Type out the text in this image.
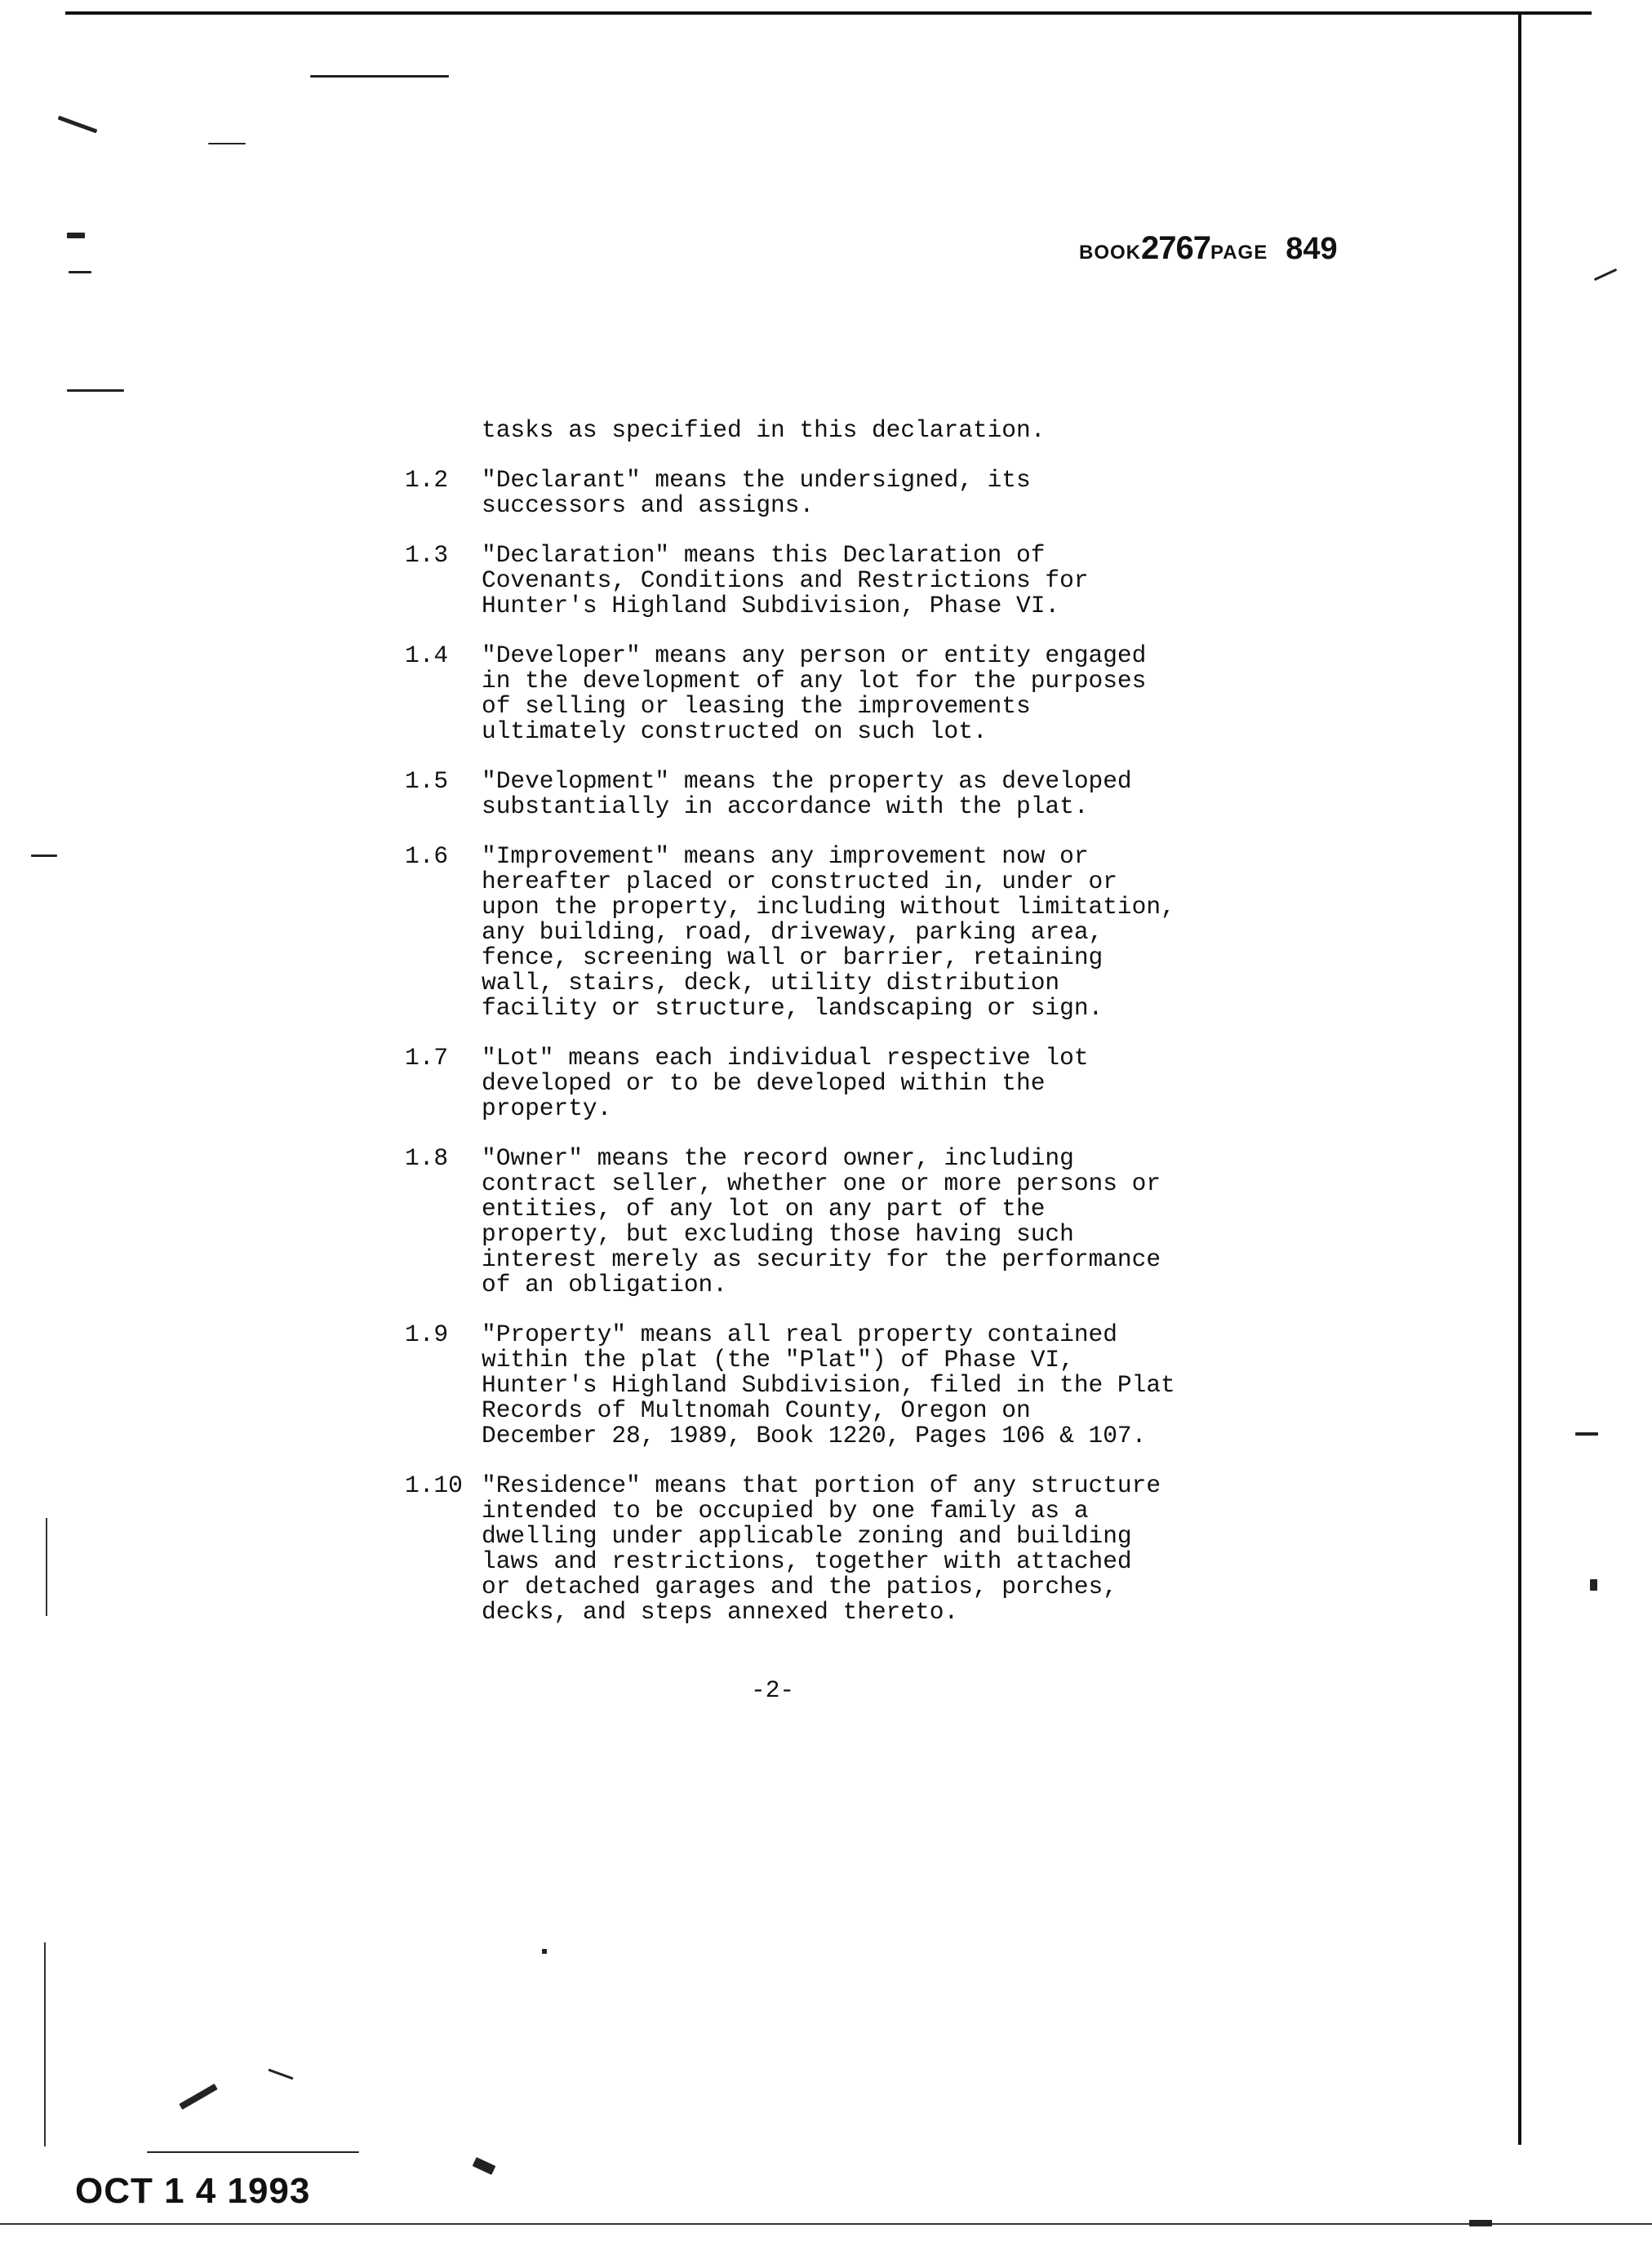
BOOK2767PAGE 849
tasks as specified in this declaration.
1.2	"Declarant" means the undersigned, its
successors and assigns.
1.3	"Declaration" means this Declaration of
Covenants, Conditions and Restrictions for
Hunter's Highland Subdivision, Phase VI.
1.4	"Developer" means any person or entity engaged
in the development of any lot for the purposes
of selling or leasing the improvements
ultimately constructed on such lot.
1.5	"Development" means the property as developed
substantially in accordance with the plat.
1.6	"Improvement" means any improvement now or
hereafter placed or constructed in, under or
upon the property, including without limitation,
any building, road, driveway, parking area,
fence, screening wall or barrier, retaining
wall, stairs, deck, utility distribution
facility or structure, landscaping or sign.
1.7	"Lot" means each individual respective lot
developed or to be developed within the
property.
1.8	"Owner" means the record owner, including
contract seller, whether one or more persons or
entities, of any lot on any part of the
property, but excluding those having such
interest merely as security for the performance
of an obligation.
1.9	"Property" means all real property contained
within the plat (the "Plat") of Phase VI,
Hunter's Highland Subdivision, filed in the Plat
Records of Multnomah County, Oregon on
December 28, 1989, Book 1220, Pages 106 & 107.
1.10 "Residence" means that portion of any structure
intended to be occupied by one family as a
dwelling under applicable zoning and building
laws and restrictions, together with attached
or detached garages and the patios, porches,
decks, and steps annexed thereto.
-2-
OCT 1 4 1993
